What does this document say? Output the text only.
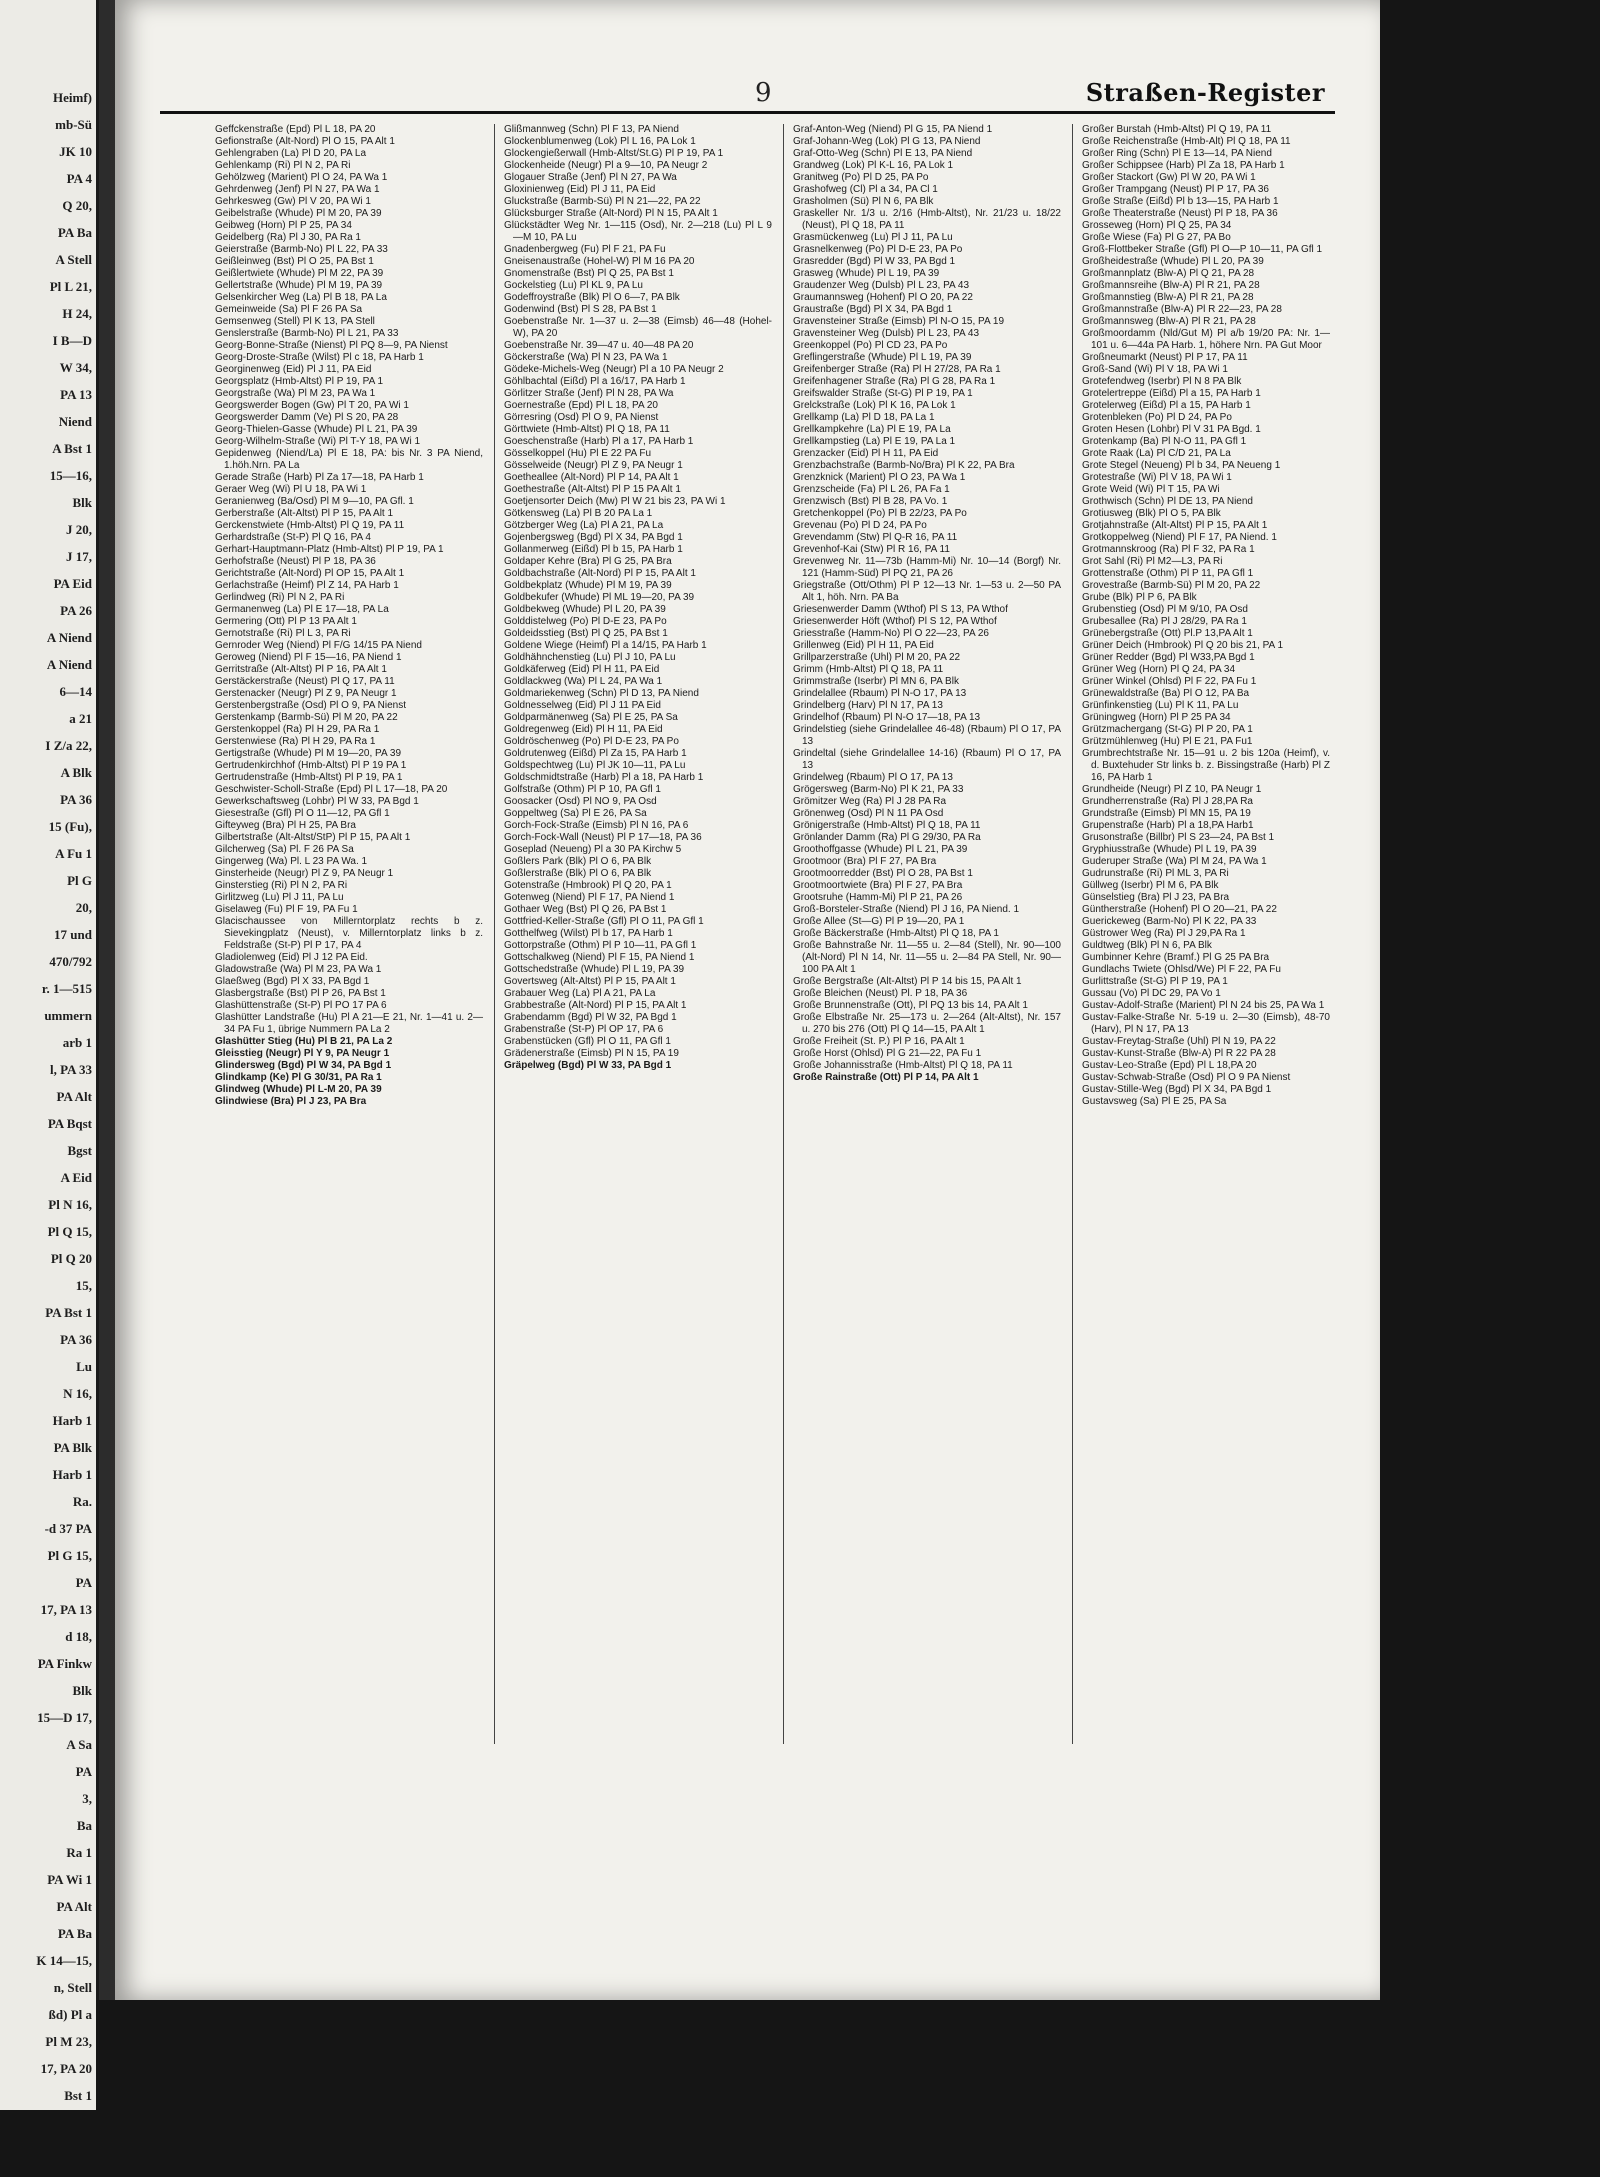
Heimf)
mb-Sü
JK 10
PA 4
Q 20,
PA Ba
A Stell
Pl L 21,
H 24,
I B—D
W 34,
PA 13
Niend
A Bst 1
15—16,
Blk
J 20,
J 17,
PA Eid
PA 26
A Niend
A Niend
6—14
a 21
I Z/a 22,
A Blk
PA 36
15 (Fu),
A Fu 1
Pl G
20,
17 und
470/792
r. 1—515
ummern
arb 1
l, PA 33
PA Alt
PA Bqst
Bgst
A Eid
Pl N 16,
Pl Q 15,
Pl Q 20
15,
PA Bst 1
PA 36
Lu
N 16,
Harb 1
PA Blk
Harb 1
Ra.
-d 37 PA
Pl G 15,
PA
17, PA 13
d 18,
PA Finkw
Blk
15—D 17,
A Sa
PA
3,
Ba
Ra 1
PA Wi 1
PA Alt
PA Ba
K 14—15,
n, Stell
ßd) Pl a
Pl M 23,
17, PA 20
Bst 1
9	Straßen-Register

Geffckenstraße (Epd) Pl L 18, PA 20

Gefionstraße (Alt-Nord) Pl O 15, PA Alt 1

Gehlengraben (La) Pl D 20, PA La

Gehlenkamp (Ri) Pl N 2, PA Ri

Gehölzweg (Marient) Pl O 24, PA Wa 1

Gehrdenweg (Jenf) Pl N 27, PA Wa 1

Gehrkesweg (Gw) Pl V 20, PA Wi 1

Geibelstraße (Whude) Pl M 20, PA 39

Geibweg (Horn) Pl P 25, PA 34

Geidelberg (Ra) Pl J 30, PA Ra 1

Geierstraße (Barmb-No) Pl L 22, PA 33

Geißleinweg (Bst) Pl O 25, PA Bst 1

Geißlertwiete (Whude) Pl M 22, PA 39

Gellertstraße (Whude) Pl M 19, PA 39

Gelsenkircher Weg (La) Pl B 18, PA La

Gemeinweide (Sa) Pl F 26 PA Sa

Gemsenweg (Stell) Pl K 13, PA Stell

Genslerstraße (Barmb-No) Pl L 21, PA 33

Georg-Bonne-Straße (Nienst) Pl PQ 8—9, PA Nienst

Georg-Droste-Straße (Wilst) Pl c 18, PA Harb 1

Georginenweg (Eid) Pl J 11, PA Eid

Georgsplatz (Hmb-Altst) Pl P 19, PA 1

Georgstraße (Wa) Pl M 23, PA Wa 1

Georgswerder Bogen (Gw) Pl T 20, PA Wi 1

Georgswerder Damm (Ve) Pl S 20, PA 28

Georg-Thielen-Gasse (Whude) Pl L 21, PA 39

Georg-Wilhelm-Straße (Wi) Pl T-Y 18, PA Wi 1

Gepidenweg (Niend/La) Pl E 18, PA: bis Nr. 3 PA Niend, 1.höh.Nrn. PA La

Gerade Straße (Harb) Pl Za 17—18, PA Harb 1

Geraer Weg (Wi) Pl U 18, PA Wi 1

Geranienweg (Ba/Osd) Pl M 9—10, PA Gfl. 1

Gerberstraße (Alt-Altst) Pl P 15, PA Alt 1

Gerckenstwiete (Hmb-Altst) Pl Q 19, PA 11

Gerhardstraße (St-P) Pl Q 16, PA 4

Gerhart-Hauptmann-Platz (Hmb-Altst) Pl P 19, PA 1

Gerhofstraße (Neust) Pl P 18, PA 36

Gerichtstraße (Alt-Nord) Pl OP 15, PA Alt 1

Gerlachstraße (Heimf) Pl Z 14, PA Harb 1

Gerlindweg (Ri) Pl N 2, PA Ri

Germanenweg (La) Pl E 17—18, PA La

Germering (Ott) Pl P 13 PA Alt 1

Gernotstraße (Ri) Pl L 3, PA Ri

Gernroder Weg (Niend) Pl F/G 14/15 PA Niend

Geroweg (Niend) Pl F 15—16, PA Niend 1

Gerritstraße (Alt-Altst) Pl P 16, PA Alt 1

Gerstäckerstraße (Neust) Pl Q 17, PA 11

Gerstenacker (Neugr) Pl Z 9, PA Neugr 1

Gerstenbergstraße (Osd) Pl O 9, PA Nienst

Gerstenkamp (Barmb-Sü) Pl M 20, PA 22

Gerstenkoppel (Ra) Pl H 29, PA Ra 1

Gerstenwiese (Ra) Pl H 29, PA Ra 1

Gertigstraße (Whude) Pl M 19—20, PA 39

Gertrudenkirchhof (Hmb-Altst) Pl P 19 PA 1

Gertrudenstraße (Hmb-Altst) Pl P 19, PA 1

Geschwister-Scholl-Straße (Epd) Pl L 17—18, PA 20

Gewerkschaftsweg (Lohbr) Pl W 33, PA Bgd 1

Giesestraße (Gfl) Pl O 11—12, PA Gfl 1

Gifteyweg (Bra) Pl H 25, PA Bra

Gilbertstraße (Alt-Altst/StP) Pl P 15, PA Alt 1

Gilcherweg (Sa) Pl. F 26 PA Sa

Gingerweg (Wa) Pl. L 23 PA Wa. 1

Ginsterheide (Neugr) Pl Z 9, PA Neugr 1

Ginsterstieg (Ri) Pl N 2, PA Ri

Girlitzweg (Lu) Pl J 11, PA Lu

Giselaweg (Fu) Pl F 19, PA Fu 1

Glacischaussee von Millerntorplatz rechts b z. Sievekingplatz (Neust), v. Millerntorplatz links b z. Feldstraße (St-P) Pl P 17, PA 4

Gladiolenweg (Eid) Pl J 12 PA Eid.

Gladowstraße (Wa) Pl M 23, PA Wa 1

Glaeßweg (Bgd) Pl X 33, PA Bgd 1

Glasbergstraße (Bst) Pl P 26, PA Bst 1

Glashüttenstraße (St-P) Pl PO 17 PA 6

Glashütter Landstraße (Hu) Pl A 21—E 21, Nr. 1—41 u. 2—34 PA Fu 1, übrige Nummern PA La 2

Glashütter Stieg (Hu) Pl B 21, PA La 2

Gleisstieg (Neugr) Pl Y 9, PA Neugr 1

Glindersweg (Bgd) Pl W 34, PA Bgd 1

Glindkamp (Ke) Pl G 30/31, PA Ra 1

Glindweg (Whude) Pl L-M 20, PA 39

Glindwiese (Bra) Pl J 23, PA Bra

Glißmannweg (Schn) Pl F 13, PA Niend

Glockenblumenweg (Lok) Pl L 16, PA Lok 1

Glockengießerwall (Hmb-Altst/St.G) Pl P 19, PA 1

Glockenheide (Neugr) Pl a 9—10, PA Neugr 2

Glogauer Straße (Jenf) Pl N 27, PA Wa

Gloxinienweg (Eid) Pl J 11, PA Eid

Gluckstraße (Barmb-Sü) Pl N 21—22, PA 22

Glücksburger Straße (Alt-Nord) Pl N 15, PA Alt 1

Glückstädter Weg Nr. 1—115 (Osd), Nr. 2—218 (Lu) Pl L 9—M 10, PA Lu

Gnadenbergweg (Fu) Pl F 21, PA Fu

Gneisenaustraße (Hohel-W) Pl M 16 PA 20

Gnomenstraße (Bst) Pl Q 25, PA Bst 1

Gockelstieg (Lu) Pl KL 9, PA Lu

Godeffroystraße (Blk) Pl O 6—7, PA Blk

Godenwind (Bst) Pl S 28, PA Bst 1

Goebenstraße Nr. 1—37 u. 2—38 (Eimsb) 46—48 (Hohel-W), PA 20

Goebenstraße Nr. 39—47 u. 40—48 PA 20

Göckerstraße (Wa) Pl N 23, PA Wa 1

Gödeke-Michels-Weg (Neugr) Pl a 10 PA Neugr 2

Göhlbachtal (Eißd) Pl a 16/17, PA Harb 1

Görlitzer Straße (Jenf) Pl N 28, PA Wa

Goernestraße (Epd) Pl L 18, PA 20

Görresring (Osd) Pl O 9, PA Nienst

Görttwiete (Hmb-Altst) Pl Q 18, PA 11

Goeschenstraße (Harb) Pl a 17, PA Harb 1

Gösselkoppel (Hu) Pl E 22 PA Fu

Gösselweide (Neugr) Pl Z 9, PA Neugr 1

Goetheallee (Alt-Nord) Pl P 14, PA Alt 1

Goethestraße (Alt-Altst) Pl P 15 PA Alt 1

Goetjensorter Deich (Mw) Pl W 21 bis 23, PA Wi 1

Götkensweg (La) Pl B 20 PA La 1

Götzberger Weg (La) Pl A 21, PA La

Gojenbergsweg (Bgd) Pl X 34, PA Bgd 1

Gollanmerweg (Eißd) Pl b 15, PA Harb 1

Goldaper Kehre (Bra) Pl G 25, PA Bra

Goldbachstraße (Alt-Nord) Pl P 15, PA Alt 1

Goldbekplatz (Whude) Pl M 19, PA 39

Goldbekufer (Whude) Pl ML 19—20, PA 39

Goldbekweg (Whude) Pl L 20, PA 39

Golddistelweg (Po) Pl D-E 23, PA Po

Goldeidsstieg (Bst) Pl Q 25, PA Bst 1

Goldene Wiege (Heimf) Pl a 14/15, PA Harb 1

Goldhähnchenstieg (Lu) Pl J 10, PA Lu

Goldkäferweg (Eid) Pl H 11, PA Eid

Goldlackweg (Wa) Pl L 24, PA Wa 1

Goldmariekenweg (Schn) Pl D 13, PA Niend

Goldnesselweg (Eid) Pl J 11 PA Eid

Goldparmänenweg (Sa) Pl E 25, PA Sa

Goldregenweg (Eid) Pl H 11, PA Eid

Goldröschenweg (Po) Pl D-E 23, PA Po

Goldrutenweg (Eißd) Pl Za 15, PA Harb 1

Goldspechtweg (Lu) Pl JK 10—11, PA Lu

Goldschmidtstraße (Harb) Pl a 18, PA Harb 1

Golfstraße (Othm) Pl P 10, PA Gfl 1

Goosacker (Osd) Pl NO 9, PA Osd

Goppeltweg (Sa) Pl E 26, PA Sa

Gorch-Fock-Straße (Eimsb) Pl N 16, PA 6

Gorch-Fock-Wall (Neust) Pl P 17—18, PA 36

Goseplad (Neueng) Pl a 30 PA Kirchw 5

Goßlers Park (Blk) Pl O 6, PA Blk

Goßlerstraße (Blk) Pl O 6, PA Blk

Gotenstraße (Hmbrook) Pl Q 20, PA 1

Gotenweg (Niend) Pl F 17, PA Niend 1

Gothaer Weg (Bst) Pl Q 26, PA Bst 1

Gottfried-Keller-Straße (Gfl) Pl O 11, PA Gfl 1

Gotthelfweg (Wilst) Pl b 17, PA Harb 1

Gottorpstraße (Othm) Pl P 10—11, PA Gfl 1

Gottschalkweg (Niend) Pl F 15, PA Niend 1

Gottschedstraße (Whude) Pl L 19, PA 39

Govertsweg (Alt-Altst) Pl P 15, PA Alt 1

Grabauer Weg (La) Pl A 21, PA La

Grabbestraße (Alt-Nord) Pl P 15, PA Alt 1

Grabendamm (Bgd) Pl W 32, PA Bgd 1

Grabenstraße (St-P) Pl OP 17, PA 6

Grabenstücken (Gfl) Pl O 11, PA Gfl 1

Grädenerstraße (Eimsb) Pl N 15, PA 19

Gräpelweg (Bgd) Pl W 33, PA Bgd 1

Graf-Anton-Weg (Niend) Pl G 15, PA Niend 1

Graf-Johann-Weg (Lok) Pl G 13, PA Niend

Graf-Otto-Weg (Schn) Pl E 13, PA Niend

Grandweg (Lok) Pl K-L 16, PA Lok 1

Granitweg (Po) Pl D 25, PA Po

Grashofweg (Cl) Pl a 34, PA Cl 1

Grasholmen (Sü) Pl N 6, PA Blk

Graskeller Nr. 1/3 u. 2/16 (Hmb-Altst), Nr. 21/23 u. 18/22 (Neust), Pl Q 18, PA 11

Grasmückenweg (Lu) Pl J 11, PA Lu

Grasnelkenweg (Po) Pl D-E 23, PA Po

Grasredder (Bgd) Pl W 33, PA Bgd 1

Grasweg (Whude) Pl L 19, PA 39

Graudenzer Weg (Dulsb) Pl L 23, PA 43

Graumannsweg (Hohenf) Pl O 20, PA 22

Graustraße (Bgd) Pl X 34, PA Bgd 1

Gravensteiner Straße (Eimsb) Pl N-O 15, PA 19

Gravensteiner Weg (Dulsb) Pl L 23, PA 43

Greenkoppel (Po) Pl CD 23, PA Po

Greflingerstraße (Whude) Pl L 19, PA 39

Greifenberger Straße (Ra) Pl H 27/28, PA Ra 1

Greifenhagener Straße (Ra) Pl G 28, PA Ra 1

Greifswalder Straße (St-G) Pl P 19, PA 1

Grelckstraße (Lok) Pl K 16, PA Lok 1

Grellkamp (La) Pl D 18, PA La 1

Grellkampkehre (La) Pl E 19, PA La

Grellkampstieg (La) Pl E 19, PA La 1

Grenzacker (Eid) Pl H 11, PA Eid

Grenzbachstraße (Barmb-No/Bra) Pl K 22, PA Bra

Grenzknick (Marient) Pl O 23, PA Wa 1

Grenzscheide (Fa) Pl L 26, PA Fa 1

Grenzwisch (Bst) Pl B 28, PA Vo. 1

Gretchenkoppel (Po) Pl B 22/23, PA Po

Grevenau (Po) Pl D 24, PA Po

Grevendamm (Stw) Pl Q-R 16, PA 11

Grevenhof-Kai (Stw) Pl R 16, PA 11

Grevenweg Nr. 11—73b (Hamm-Mi) Nr. 10—14 (Borgf) Nr. 121 (Hamm-Süd) Pl PQ 21, PA 26

Griegstraße (Ott/Othm) Pl P 12—13 Nr. 1—53 u. 2—50 PA Alt 1, höh. Nrn. PA Ba

Griesenwerder Damm (Wthof) Pl S 13, PA Wthof

Griesenwerder Höft (Wthof) Pl S 12, PA Wthof

Griesstraße (Hamm-No) Pl O 22—23, PA 26

Grillenweg (Eid) Pl H 11, PA Eid

Grillparzerstraße (Uhl) Pl M 20, PA 22

Grimm (Hmb-Altst) Pl Q 18, PA 11

Grimmstraße (Iserbr) Pl MN 6, PA Blk

Grindelallee (Rbaum) Pl N-O 17, PA 13

Grindelberg (Harv) Pl N 17, PA 13

Grindelhof (Rbaum) Pl N-O 17—18, PA 13

Grindelstieg (siehe Grindelallee 46-48) (Rbaum) Pl O 17, PA 13

Grindeltal (siehe Grindelallee 14-16) (Rbaum) Pl O 17, PA 13

Grindelweg (Rbaum) Pl O 17, PA 13

Grögersweg (Barm-No) Pl K 21, PA 33

Grömitzer Weg (Ra) Pl J 28 PA Ra

Grönenweg (Osd) Pl N 11 PA Osd

Grönigerstraße (Hmb-Altst) Pl Q 18, PA 11

Grönlander Damm (Ra) Pl G 29/30, PA Ra

Groothoffgasse (Whude) Pl L 21, PA 39

Grootmoor (Bra) Pl F 27, PA Bra

Grootmoorredder (Bst) Pl O 28, PA Bst 1

Grootmoortwiete (Bra) Pl F 27, PA Bra

Grootsruhe (Hamm-Mi) Pl P 21, PA 26

Groß-Borsteler-Straße (Niend) Pl J 16, PA Niend. 1

Große Allee (St—G) Pl P 19—20, PA 1

Große Bäckerstraße (Hmb-Altst) Pl Q 18, PA 1

Große Bahnstraße Nr. 11—55 u. 2—84 (Stell), Nr. 90—100 (Alt-Nord) Pl N 14, Nr. 11—55 u. 2—84 PA Stell, Nr. 90—100 PA Alt 1

Große Bergstraße (Alt-Altst) Pl P 14 bis 15, PA Alt 1

Große Bleichen (Neust) Pl. P 18, PA 36

Große Brunnenstraße (Ott), Pl PQ 13 bis 14, PA Alt 1

Große Elbstraße Nr. 25—173 u. 2—264 (Alt-Altst), Nr. 157 u. 270 bis 276 (Ott) Pl Q 14—15, PA Alt 1

Große Freiheit (St. P.) Pl P 16, PA Alt 1

Große Horst (Ohlsd) Pl G 21—22, PA Fu 1

Große Johannisstraße (Hmb-Altst) Pl Q 18, PA 11

Große Rainstraße (Ott) Pl P 14, PA Alt 1

Großer Burstah (Hmb-Altst) Pl Q 19, PA 11

Große Reichenstraße (Hmb-Alt) Pl Q 18, PA 11

Großer Ring (Schn) Pl E 13—14, PA Niend

Großer Schippsee (Harb) Pl Za 18, PA Harb 1

Großer Stackort (Gw) Pl W 20, PA Wi 1

Großer Trampgang (Neust) Pl P 17, PA 36

Große Straße (Eißd) Pl b 13—15, PA Harb 1

Große Theaterstraße (Neust) Pl P 18, PA 36

Grosseweg (Horn) Pl Q 25, PA 34

Große Wiese (Fa) Pl G 27, PA Bo

Groß-Flottbeker Straße (Gfl) Pl O—P 10—11, PA Gfl 1

Großheidestraße (Whude) Pl L 20, PA 39

Großmannplatz (Blw-A) Pl Q 21, PA 28

Großmannsreihe (Blw-A) Pl R 21, PA 28

Großmannstieg (Blw-A) Pl R 21, PA 28

Großmannstraße (Blw-A) Pl R 22—23, PA 28

Großmannsweg (Blw-A) Pl R 21, PA 28

Großmoordamm (Nld/Gut M) Pl a/b 19/20 PA: Nr. 1—101 u. 6—44a PA Harb. 1, höhere Nrn. PA Gut Moor

Großneumarkt (Neust) Pl P 17, PA 11

Groß-Sand (Wi) Pl V 18, PA Wi 1

Grotefendweg (Iserbr) Pl N 8 PA Blk

Grotelertreppe (Eißd) Pl a 15, PA Harb 1

Grotelerweg (Eißd) Pl a 15, PA Harb 1

Grotenbleken (Po) Pl D 24, PA Po

Groten Hesen (Lohbr) Pl V 31 PA Bgd. 1

Grotenkamp (Ba) Pl N-O 11, PA Gfl 1

Grote Raak (La) Pl C/D 21, PA La

Grote Stegel (Neueng) Pl b 34, PA Neueng 1

Grotestraße (Wi) Pl V 18, PA Wi 1

Grote Weid (Wi) Pl T 15, PA Wi

Grothwisch (Schn) Pl DE 13, PA Niend

Grotiusweg (Blk) Pl O 5, PA Blk

Grotjahnstraße (Alt-Altst) Pl P 15, PA Alt 1

Grotkoppelweg (Niend) Pl F 17, PA Niend. 1

Grotmannskroog (Ra) Pl F 32, PA Ra 1

Grot Sahl (Ri) Pl M2—L3, PA Ri

Grottenstraße (Othm) Pl P 11, PA Gfl 1

Grovestraße (Barmb-Sü) Pl M 20, PA 22

Grube (Blk) Pl P 6, PA Blk

Grubenstieg (Osd) Pl M 9/10, PA Osd

Grubesallee (Ra) Pl J 28/29, PA Ra 1

Grünebergstraße (Ott) Pl.P 13,PA Alt 1

Grüner Deich (Hmbrook) Pl Q 20 bis 21, PA 1

Grüner Redder (Bgd) Pl W33,PA Bgd 1

Grüner Weg (Horn) Pl Q 24, PA 34

Grüner Winkel (Ohlsd) Pl F 22, PA Fu 1

Grünewaldstraße (Ba) Pl O 12, PA Ba

Grünfinkenstieg (Lu) Pl K 11, PA Lu

Grüningweg (Horn) Pl P 25 PA 34

Grützmachergang (St-G) Pl P 20, PA 1

Grützmühlenweg (Hu) Pl E 21, PA Fu1

Grumbrechtstraße Nr. 15—91 u. 2 bis 120a (Heimf), v. d. Buxtehuder Str links b. z. Bissingstraße (Harb) Pl Z 16, PA Harb 1

Grundheide (Neugr) Pl Z 10, PA Neugr 1

Grundherrenstraße (Ra) Pl J 28,PA Ra

Grundstraße (Eimsb) Pl MN 15, PA 19

Grupenstraße (Harb) Pl a 18,PA Harb1

Grusonstraße (Billbr) Pl S 23—24, PA Bst 1

Gryphiusstraße (Whude) Pl L 19, PA 39

Guderuper Straße (Wa) Pl M 24, PA Wa 1

Gudrunstraße (Ri) Pl ML 3, PA Ri

Güllweg (Iserbr) Pl M 6, PA Blk

Günselstieg (Bra) Pl J 23, PA Bra

Güntherstraße (Hohenf) Pl O 20—21, PA 22

Guerickeweg (Barm-No) Pl K 22, PA 33

Güstrower Weg (Ra) Pl J 29,PA Ra 1

Guldtweg (Blk) Pl N 6, PA Blk

Gumbinner Kehre (Bramf.) Pl G 25 PA Bra

Gundlachs Twiete (Ohlsd/We) Pl F 22, PA Fu

Gurlittstraße (St-G) Pl P 19, PA 1

Gussau (Vo) Pl DC 29, PA Vo 1

Gustav-Adolf-Straße (Marient) Pl N 24 bis 25, PA Wa 1

Gustav-Falke-Straße Nr. 5-19 u. 2—30 (Eimsb), 48-70 (Harv), Pl N 17, PA 13

Gustav-Freytag-Straße (Uhl) Pl N 19, PA 22

Gustav-Kunst-Straße (Blw-A) Pl R 22 PA 28

Gustav-Leo-Straße (Epd) Pl L 18,PA 20

Gustav-Schwab-Straße (Osd) Pl O 9 PA Nienst

Gustav-Stille-Weg (Bgd) Pl X 34, PA Bgd 1

Gustavsweg (Sa) Pl E 25, PA Sa
